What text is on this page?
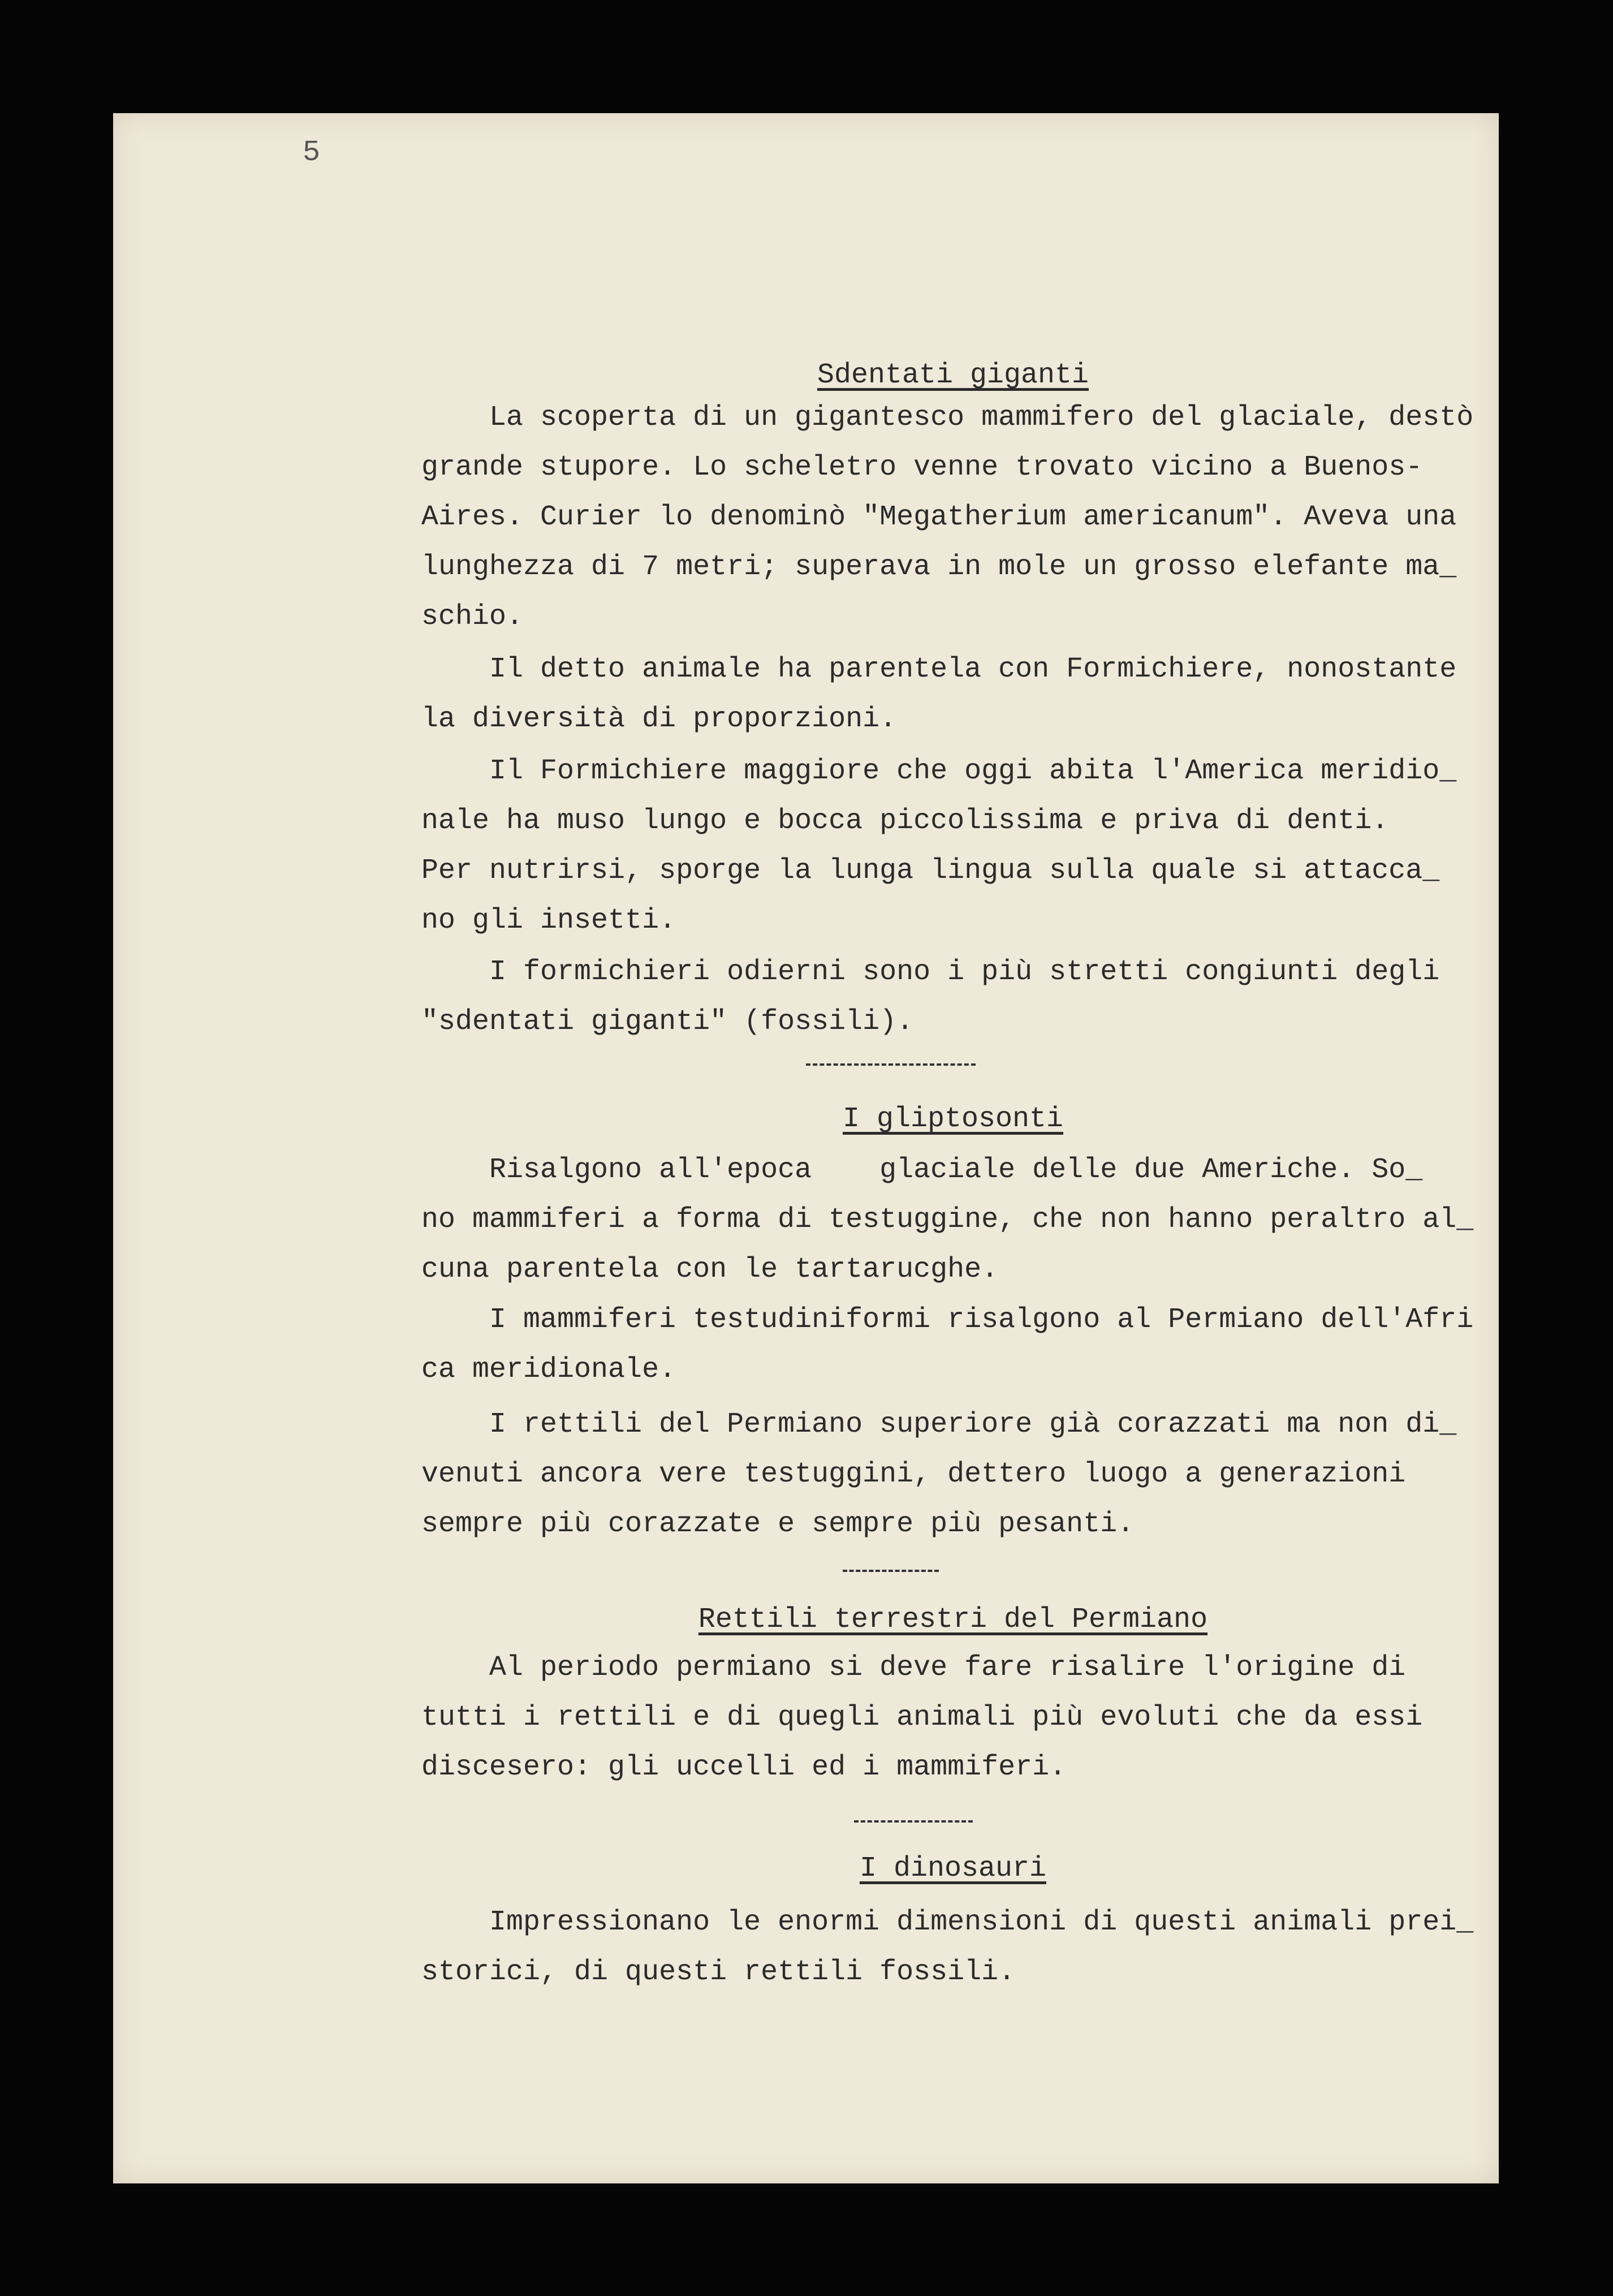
5

Sdentati giganti

La scoperta di un gigantesco mammifero del glaciale, destò
grande stupore. Lo scheletro venne trovato vicino a Buenos-
Aires. Curier lo denominò "Megatherium americanum". Aveva una
lunghezza di 7 metri; superava in mole un grosso elefante ma_
schio.

Il detto animale ha parentela con Formichiere, nonostante
la diversità di proporzioni.

Il Formichiere maggiore che oggi abita l'America meridio_
nale ha muso lungo e bocca piccolissima e priva di denti.
Per nutrirsi, sporge la lunga lingua sulla quale si attacca_
no gli insetti.

I formichieri odierni sono i più stretti congiunti degli
"sdentati giganti" (fossili).

I gliptosonti

Risalgono all'epoca    glaciale delle due Americhe. So_
no mammiferi a forma di testuggine, che non hanno peraltro al_
cuna parentela con le tartarucghe.

I mammiferi testudiniformi risalgono al Permiano dell'Afri
ca meridionale.

I rettili del Permiano superiore già corazzati ma non di_
venuti ancora vere testuggini, dettero luogo a generazioni
sempre più corazzate e sempre più pesanti.

Rettili terrestri del Permiano

Al periodo permiano si deve fare risalire l'origine di
tutti i rettili e di quegli animali più evoluti che da essi
discesero: gli uccelli ed i mammiferi.

I dinosauri

Impressionano le enormi dimensioni di questi animali prei_
storici, di questi rettili fossili.
